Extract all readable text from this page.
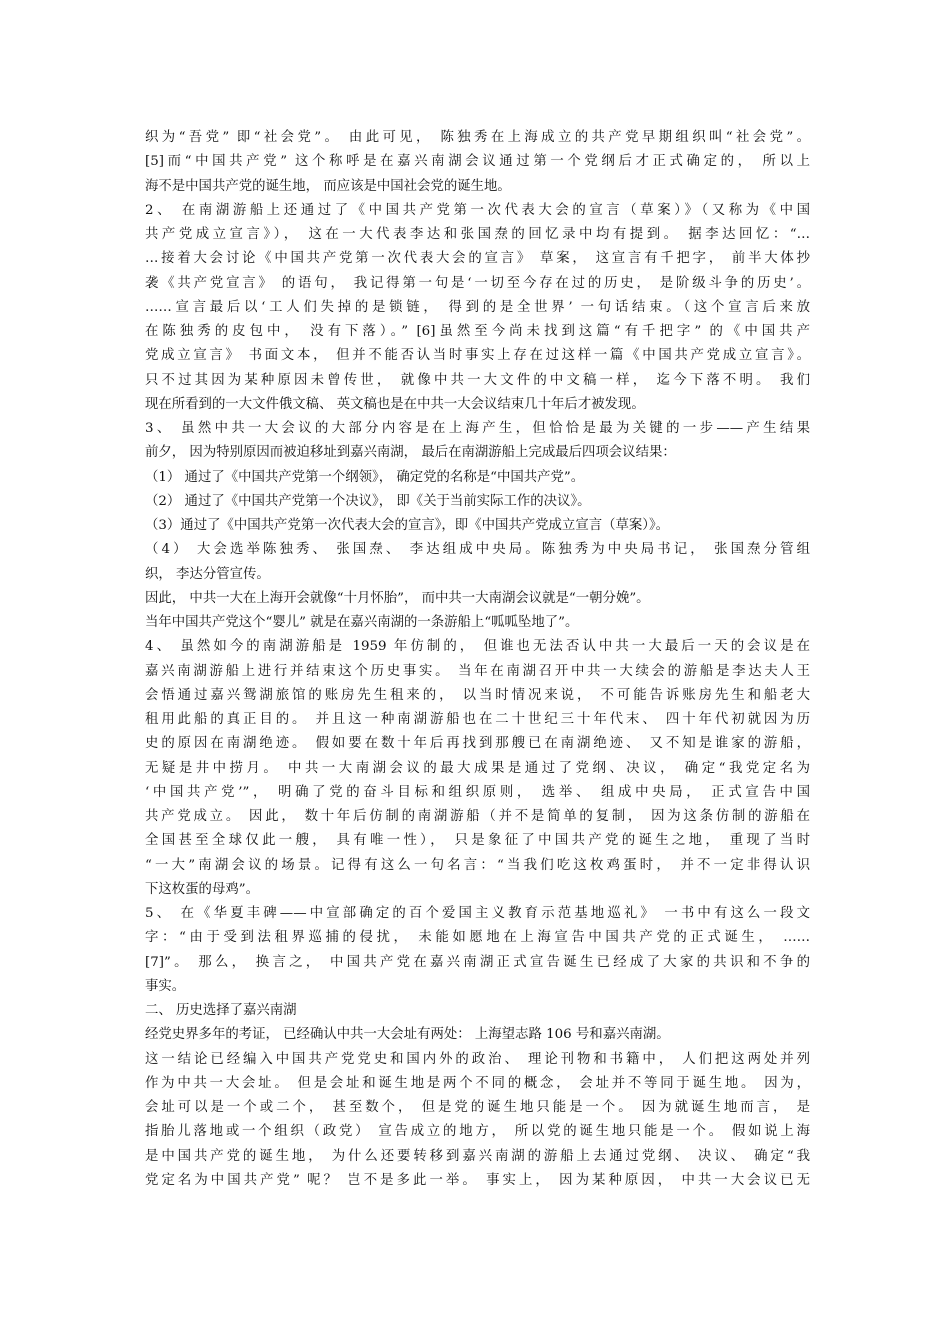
织为“吾党” 即“社会党”。 由此可见， 陈独秀在上海成立的共产党早期组织叫“社会党”。
[5]而“中国共产党” 这个称呼是在嘉兴南湖会议通过第一个党纲后才正式确定的， 所以上
海不是中国共产党的诞生地， 而应该是中国社会党的诞生地。
2、 在南湖游船上还通过了《中国共产党第一次代表大会的宣言（草案）》（又称为《中国
共产党成立宣言》）， 这在一大代表李达和张国焘的回忆录中均有提到。 据李达回忆：“…
…接着大会讨论《中国共产党第一次代表大会的宣言》 草案， 这宣言有千把字， 前半大体抄
袭《共产党宣言》 的语句， 我记得第一句是‘一切至今存在过的历史， 是阶级斗争的历史’。
……宣言最后以‘工人们失掉的是锁链， 得到的是全世界’ 一句话结束。（这个宣言后来放
在陈独秀的皮包中， 没有下落）。” [6]虽然至今尚未找到这篇“有千把字” 的《中国共产
党成立宣言》 书面文本， 但并不能否认当时事实上存在过这样一篇《中国共产党成立宣言》。
只不过其因为某种原因未曾传世， 就像中共一大文件的中文稿一样， 迄今下落不明。 我们
现在所看到的一大文件俄文稿、 英文稿也是在中共一大会议结束几十年后才被发现。
3、 虽然中共一大会议的大部分内容是在上海产生，但恰恰是最为关键的一步——产生结果
前夕， 因为特别原因而被迫移址到嘉兴南湖， 最后在南湖游船上完成最后四项会议结果：
（1） 通过了《中国共产党第一个纲领》， 确定党的名称是“中国共产党”。
（2） 通过了《中国共产党第一个决议》， 即《关于当前实际工作的决议》。
（3）通过了《中国共产党第一次代表大会的宣言》，即《中国共产党成立宣言（草案）》。
（4） 大会选举陈独秀、 张国焘、 李达组成中央局。陈独秀为中央局书记， 张国焘分管组
织， 李达分管宣传。
因此， 中共一大在上海开会就像“十月怀胎”， 而中共一大南湖会议就是“一朝分娩”。
当年中国共产党这个“婴儿” 就是在嘉兴南湖的一条游船上“呱呱坠地了”。
4、 虽然如今的南湖游船是 1959 年仿制的， 但谁也无法否认中共一大最后一天的会议是在
嘉兴南湖游船上进行并结束这个历史事实。 当年在南湖召开中共一大续会的游船是李达夫人王
会悟通过嘉兴鸳湖旅馆的账房先生租来的， 以当时情况来说， 不可能告诉账房先生和船老大
租用此船的真正目的。 并且这一种南湖游船也在二十世纪三十年代末、 四十年代初就因为历
史的原因在南湖绝迹。 假如要在数十年后再找到那艘已在南湖绝迹、 又不知是谁家的游船，
无疑是井中捞月。 中共一大南湖会议的最大成果是通过了党纲、决议， 确定“我党定名为
‘中国共产党’”， 明确了党的奋斗目标和组织原则， 选举、 组成中央局， 正式宣告中国
共产党成立。 因此， 数十年后仿制的南湖游船（并不是简单的复制， 因为这条仿制的游船在
全国甚至全球仅此一艘， 具有唯一性）， 只是象征了中国共产党的诞生之地， 重现了当时
“一大”南湖会议的场景。记得有这么一句名言：“当我们吃这枚鸡蛋时， 并不一定非得认识
下这枚蛋的母鸡”。
5、 在《华夏丰碑——中宣部确定的百个爱国主义教育示范基地巡礼》 一书中有这么一段文
字：“由于受到法租界巡捕的侵扰， 未能如愿地在上海宣告中国共产党的正式诞生， ……
[7]”。 那么， 换言之， 中国共产党在嘉兴南湖正式宣告诞生已经成了大家的共识和不争的
事实。
二、 历史选择了嘉兴南湖
经党史界多年的考证， 已经确认中共一大会址有两处： 上海望志路 106 号和嘉兴南湖。
这一结论已经编入中国共产党党史和国内外的政治、 理论刊物和书籍中， 人们把这两处并列
作为中共一大会址。 但是会址和诞生地是两个不同的概念， 会址并不等同于诞生地。 因为，
会址可以是一个或二个， 甚至数个， 但是党的诞生地只能是一个。 因为就诞生地而言， 是
指胎儿落地或一个组织（政党） 宣告成立的地方， 所以党的诞生地只能是一个。 假如说上海
是中国共产党的诞生地， 为什么还要转移到嘉兴南湖的游船上去通过党纲、 决议、 确定“我
党定名为中国共产党” 呢？ 岂不是多此一举。 事实上， 因为某种原因， 中共一大会议已无
